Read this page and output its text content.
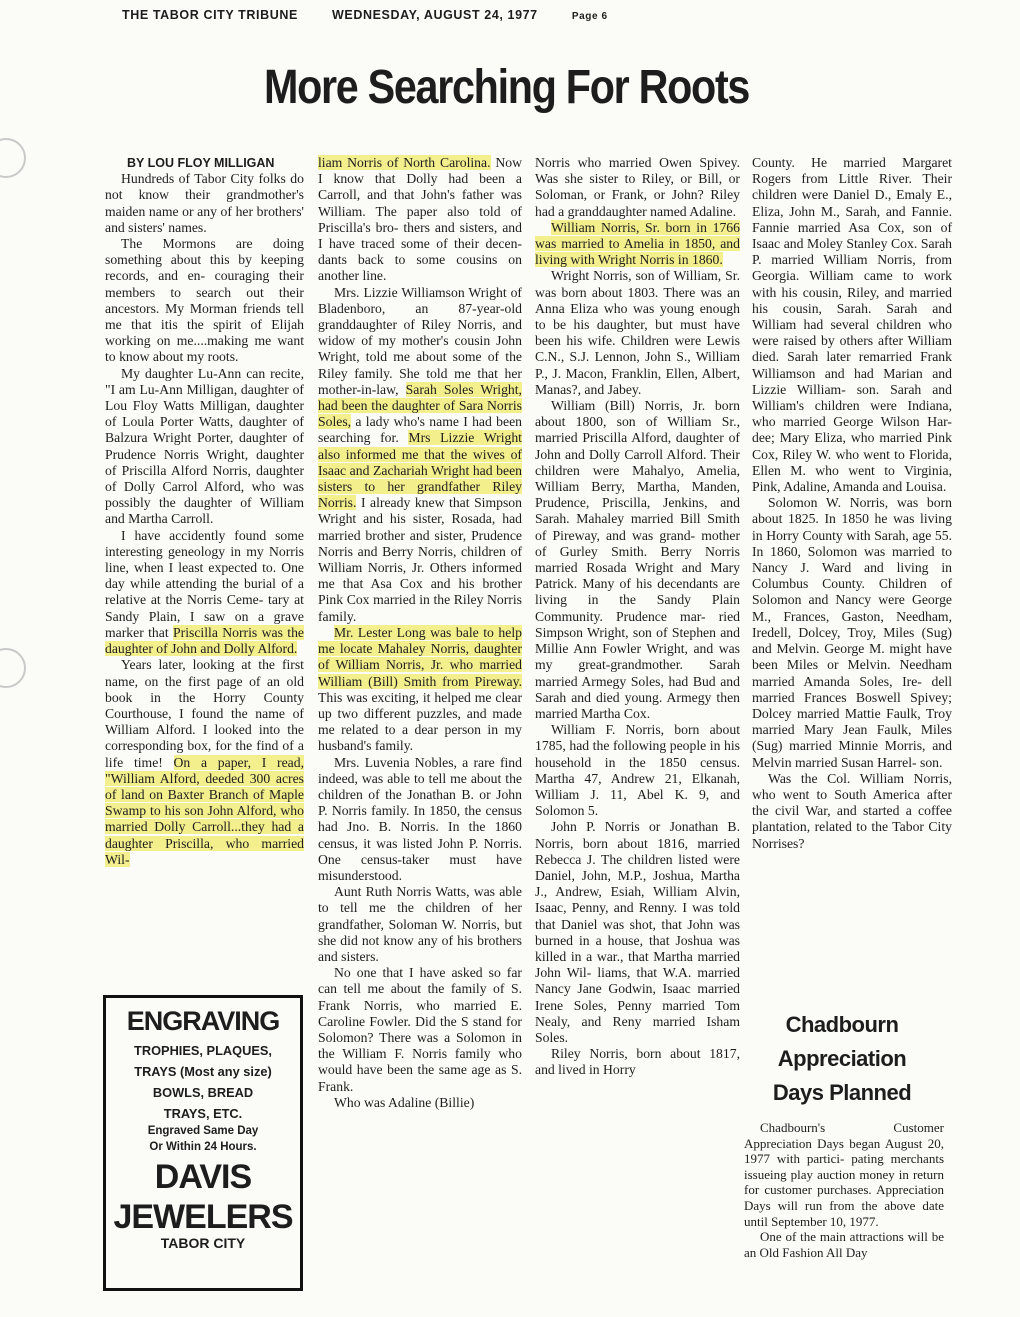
THE TABOR CITY TRIBUNE	WEDNESDAY, AUGUST 24, 1977	Page 6
More Searching For Roots

BY LOU FLOY MILLIGAN

Hundreds of Tabor City folks do not know their grandmother's maiden name or any of her brothers' and sisters' names.

The Mormons are doing something about this by keeping records, and en- couraging their members to search out their ancestors. My Morman friends tell me that itis the spirit of Elijah working on me....making me want to know about my roots.

My daughter Lu-Ann can recite, "I am Lu-Ann Milligan, daughter of Lou Floy Watts Milligan, daughter of Loula Porter Watts, daughter of Balzura Wright Porter, daughter of Prudence Norris Wright, daughter of Priscilla Alford Norris, daughter of Dolly Carrol Alford, who was possibly the daughter of William and Martha Carroll.

I have accidently found some interesting geneology in my Norris line, when I least expected to. One day while attending the burial of a relative at the Norris Ceme- tary at Sandy Plain, I saw on a grave marker that Priscilla Norris was the daughter of John and Dolly Alford.

Years later, looking at the first name, on the first page of an old book in the Horry County Courthouse, I found the name of William Alford. I looked into the corresponding box, for the find of a life time! On a paper, I read, "William Alford, deeded 300 acres of land on Baxter Branch of Maple Swamp to his son John Alford, who married Dolly Carroll...they had a daughter Priscilla, who married Wil-

liam Norris of North Carolina. Now I know that Dolly had been a Carroll, and that John's father was William. The paper also told of Priscilla's bro- thers and sisters, and I have traced some of their decen- dants back to some cousins on another line.

Mrs. Lizzie Williamson Wright of Bladenboro, an 87-year-old granddaughter of Riley Norris, and widow of my mother's cousin John Wright, told me about some of the Riley family. She told me that her mother-in-law, Sarah Soles Wright, had been the daughter of Sara Norris Soles, a lady who's name I had been searching for. Mrs Lizzie Wright also informed me that the wives of Isaac and Zachariah Wright had been sisters to her grandfather Riley Norris. I already knew that Simpson Wright and his sister, Rosada, had married brother and sister, Prudence Norris and Berry Norris, children of William Norris, Jr. Others informed me that Asa Cox and his brother Pink Cox married in the Riley Norris family.

Mr. Lester Long was bale to help me locate Mahaley Norris, daughter of William Norris, Jr. who married William (Bill) Smith from Pireway. This was exciting, it helped me clear up two different puzzles, and made me related to a dear person in my husband's family.

Mrs. Luvenia Nobles, a rare find indeed, was able to tell me about the children of the Jonathan B. or John P. Norris family. In 1850, the census had Jno. B. Norris. In the 1860 census, it was listed John P. Norris. One census-taker must have misunderstood.

Aunt Ruth Norris Watts, was able to tell me the children of her grandfather, Soloman W. Norris, but she did not know any of his brothers and sisters.

No one that I have asked so far can tell me about the family of S. Frank Norris, who married E. Caroline Fowler. Did the S stand for Solomon? There was a Solomon in the William F. Norris family who would have been the same age as S. Frank.

Who was Adaline (Billie)

Norris who married Owen Spivey. Was she sister to Riley, or Bill, or Soloman, or Frank, or John? Riley had a granddaughter named Adaline.

William Norris, Sr. born in 1766 was married to Amelia in 1850, and living with Wright Norris in 1860.

Wright Norris, son of William, Sr. was born about 1803. There was an Anna Eliza who was young enough to be his daughter, but must have been his wife. Children were Lewis C.N., S.J. Lennon, John S., William P., J. Macon, Franklin, Ellen, Albert, Manas?, and Jabey.

William (Bill) Norris, Jr. born about 1800, son of William Sr., married Priscilla Alford, daughter of John and Dolly Carroll Alford. Their children were Mahalyo, Amelia, William Berry, Martha, Manden, Prudence, Priscilla, Jenkins, and Sarah. Mahaley married Bill Smith of Pireway, and was grand- mother of Gurley Smith. Berry Norris married Rosada Wright and Mary Patrick. Many of his decendants are living in the Sandy Plain Community. Prudence mar- ried Simpson Wright, son of Stephen and Millie Ann Fowler Wright, and was my great-grandmother. Sarah married Armegy Soles, had Bud and Sarah and died young. Armegy then married Martha Cox.

William F. Norris, born about 1785, had the following people in his household in the 1850 census. Martha 47, Andrew 21, Elkanah, William J. 11, Abel K. 9, and Solomon 5.

John P. Norris or Jonathan B. Norris, born about 1816, married Rebecca J. The children listed were Daniel, John, M.P., Joshua, Martha J., Andrew, Esiah, William Alvin, Isaac, Penny, and Renny. I was told that Daniel was shot, that John was burned in a house, that Joshua was killed in a war., that Martha married John Wil- liams, that W.A. married Nancy Jane Godwin, Isaac married Irene Soles, Penny married Tom Nealy, and Reny married Isham Soles.

Riley Norris, born about 1817, and lived in Horry

County. He married Margaret Rogers from Little River. Their children were Daniel D., Emaly E., Eliza, John M., Sarah, and Fannie. Fannie married Asa Cox, son of Isaac and Moley Stanley Cox. Sarah P. married William Norris, from Georgia. William came to work with his cousin, Riley, and married his cousin, Sarah. Sarah and William had several children who were raised by others after William died. Sarah later remarried Frank Williamson and had Marian and Lizzie William- son. Sarah and William's children were Indiana, who married George Wilson Har- dee; Mary Eliza, who married Pink Cox, Riley W. who went to Florida, Ellen M. who went to Virginia, Pink, Adaline, Amanda and Louisa.

Solomon W. Norris, was born about 1825. In 1850 he was living in Horry County with Sarah, age 55. In 1860, Solomon was married to Nancy J. Ward and living in Columbus County. Children of Solomon and Nancy were George M., Frances, Gaston, Needham, Iredell, Dolcey, Troy, Miles (Sug) and Melvin. George M. might have been Miles or Melvin. Needham married Amanda Soles, Ire- dell married Frances Boswell Spivey; Dolcey married Mattie Faulk, Troy married Mary Jean Faulk, Miles (Sug) married Minnie Morris, and Melvin married Susan Harrel- son.

Was the Col. William Norris, who went to South America after the civil War, and started a coffee plantation, related to the Tabor City Norrises?

ENGRAVING
TROPHIES, PLAQUES,
TRAYS (Most any size)
BOWLS, BREAD
TRAYS, ETC.
Engraved Same Day
Or Within 24 Hours.
DAVIS
JEWELERS
TABOR CITY
Chadbourn
Appreciation
Days Planned

Chadbourn's Customer Appreciation Days began August 20, 1977 with partici- pating merchants issueing play auction money in return for customer purchases. Appreciation Days will run from the above date until September 10, 1977.

One of the main attractions will be an Old Fashion All Day
